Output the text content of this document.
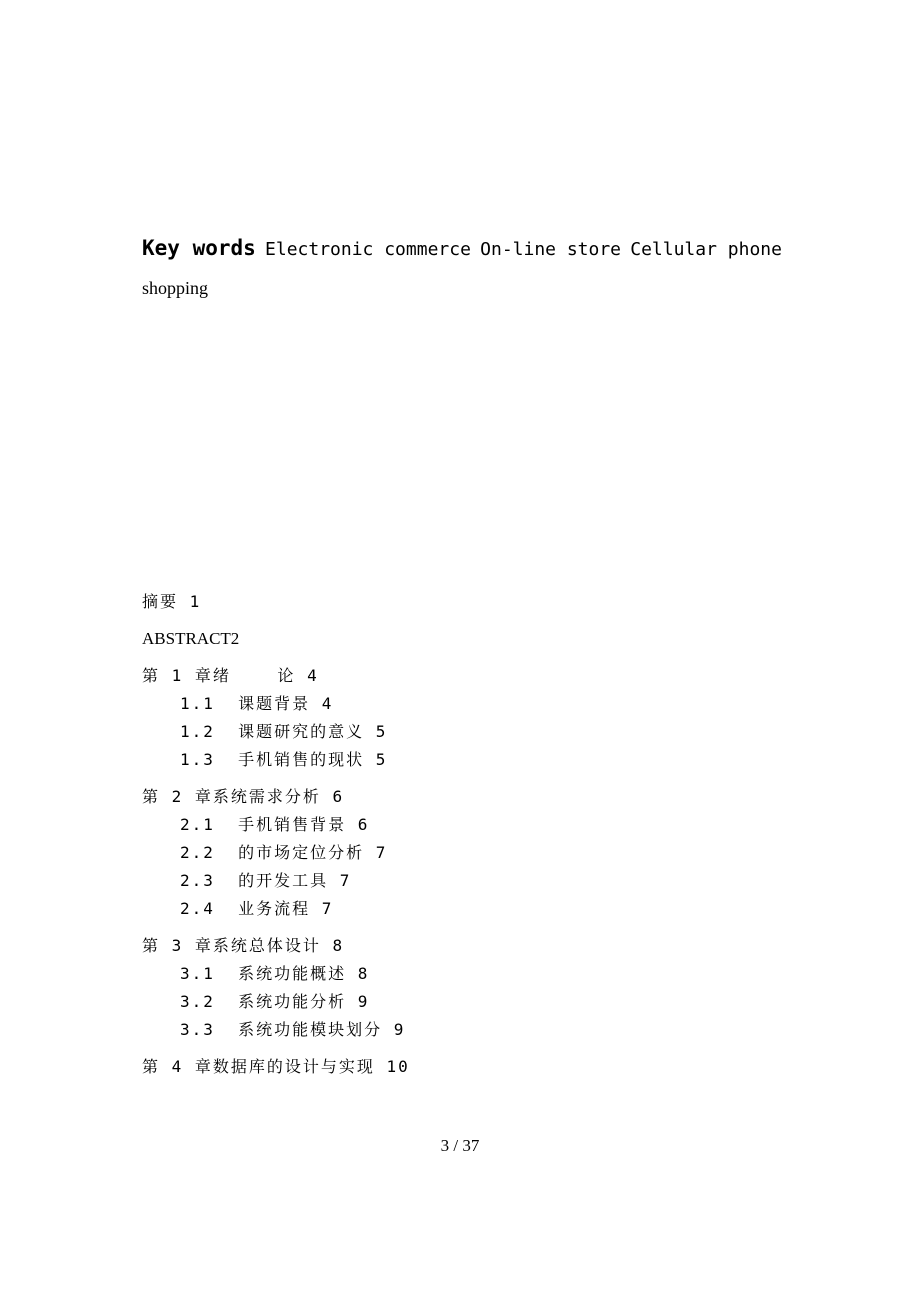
Key words Electronic commerce On-line store Cellular phone
shopping
摘要 1
ABSTRACT2
第 1 章绪    论 4
1.1  课题背景 4
1.2  课题研究的意义 5
1.3  手机销售的现状 5
第 2 章系统需求分析 6
2.1  手机销售背景 6
2.2  的市场定位分析 7
2.3  的开发工具 7
2.4  业务流程 7
第 3 章系统总体设计 8
3.1  系统功能概述 8
3.2  系统功能分析 9
3.3  系统功能模块划分 9
第 4 章数据库的设计与实现 10
3 / 37
